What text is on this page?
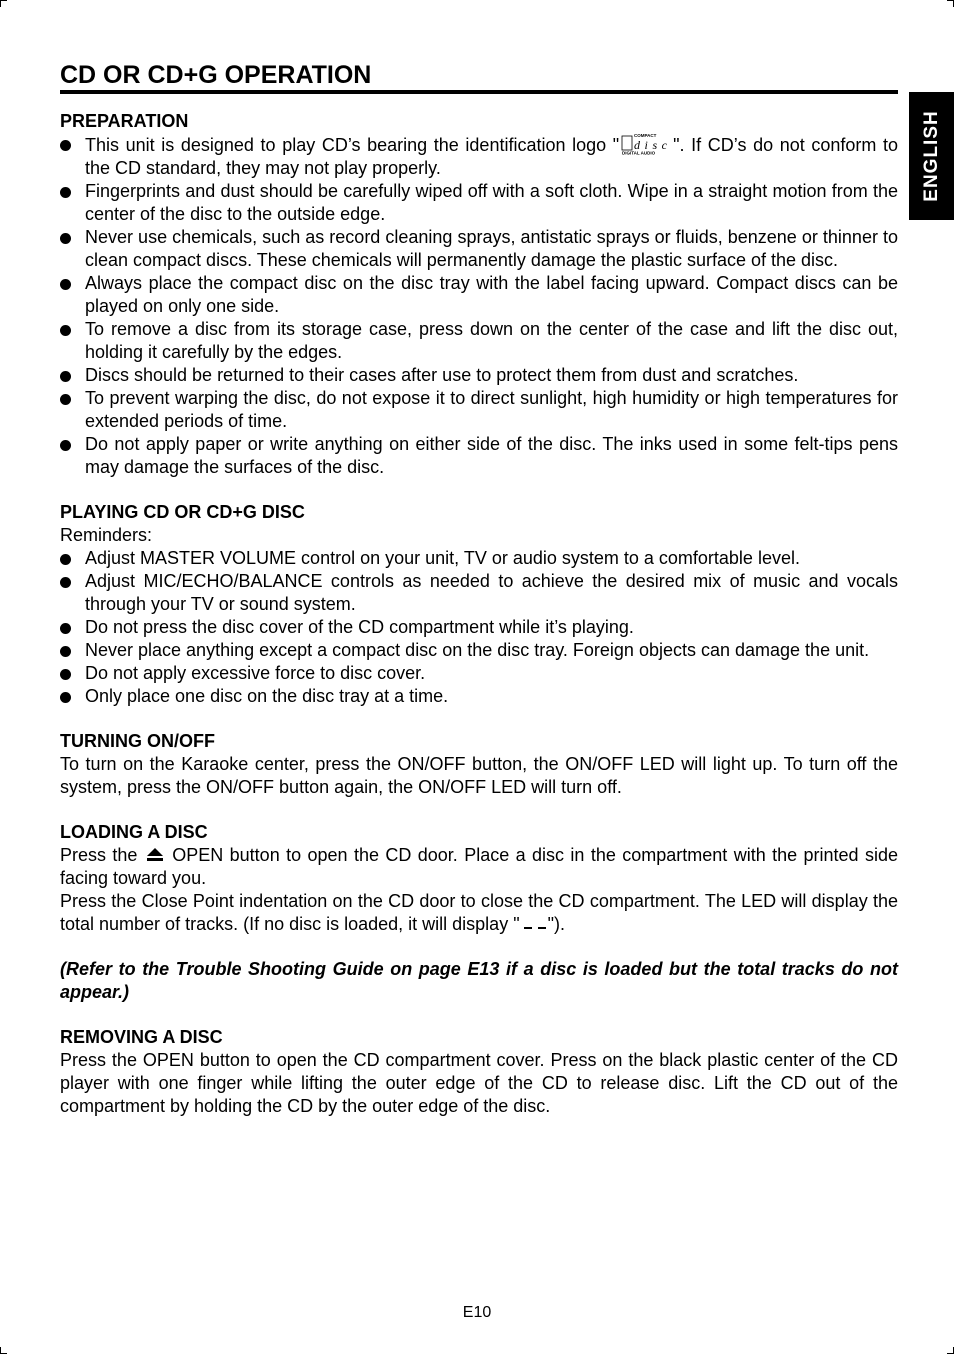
CD OR CD+G OPERATION
ENGLISH

PREPARATION

This unit is designed to play CD’s bearing the identification logo "	COMPACT
disc
DIGITAL AUDIO ". If CD’s do not conform to the CD standard, they may not play properly.
Fingerprints and dust should be carefully wiped off with a soft cloth. Wipe in a straight motion from the center of the disc to the outside edge.
Never use chemicals, such as record cleaning sprays, antistatic sprays or fluids, benzene or thinner to clean compact discs. These chemicals will permanently damage the plastic surface of the disc.
Always place the compact disc on the disc tray with the label facing upward. Compact discs can be played on only one side.
To remove a disc from its storage case, press down on the center of the case and lift the disc out, holding it carefully by the edges.
Discs should be returned to their cases after use to protect them from dust and scratches.
To prevent warping the disc, do not expose it to direct sunlight, high humidity or high temperatures for extended periods of time.
Do not apply paper or write anything on either side of the disc. The inks used in some felt-tips pens may damage the surfaces of the disc.

PLAYING CD OR CD+G DISC

Reminders:

Adjust MASTER VOLUME control on your unit, TV or audio system to a comfortable level.
Adjust MIC/ECHO/BALANCE controls as needed to achieve the desired mix of music and vocals through your TV or sound system.
Do not press the disc cover of the CD compartment while it’s playing.
Never place anything except a compact disc on the disc tray. Foreign objects can damage the unit.
Do not apply excessive force to disc cover.
Only place one disc on the disc tray at a time.

TURNING ON/OFF

To turn on the Karaoke center, press the ON/OFF button, the ON/OFF LED will light up. To turn off the system, press the ON/OFF button again, the ON/OFF LED will turn off.

LOADING A DISC

Press the OPEN button to open the CD door. Place a disc in the compartment with the printed side facing toward you.

Press the Close Point indentation on the CD door to close the CD compartment. The LED will display the total number of tracks. (If no disc is loaded, it will display " ").

(Refer to the Trouble Shooting Guide on page E13 if a disc is loaded but the total tracks do not appear.)

REMOVING A DISC

Press the OPEN button to open the CD compartment cover. Press on the black plastic center of the CD player with one finger while lifting the outer edge of the CD to release disc. Lift the CD out of the compartment by holding the CD by the outer edge of the disc.

E10
